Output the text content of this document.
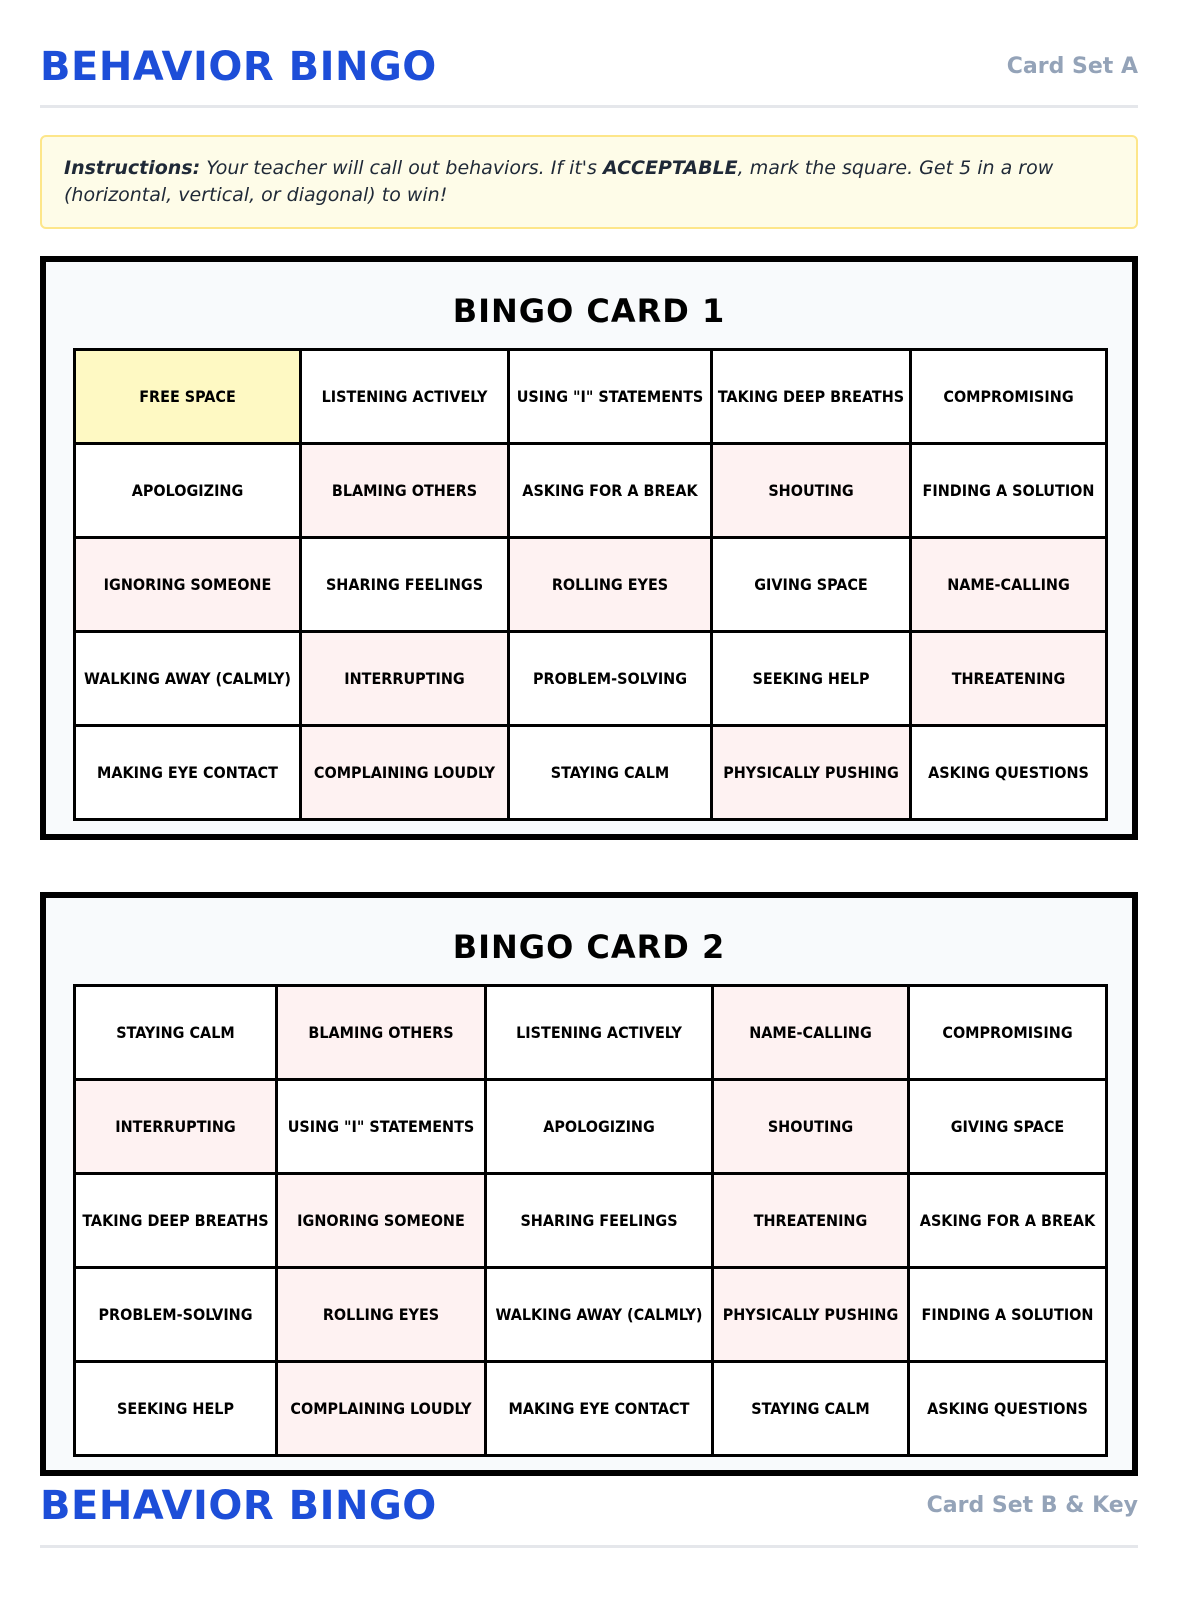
BEHAVIOR BINGO	Card Set A
Instructions: Your teacher will call out behaviors. If it's ACCEPTABLE, mark the square. Get 5 in a row (horizontal, vertical, or diagonal) to win!
BINGO CARD 1
FREE SPACE	LISTENING ACTIVELY	USING "I" STATEMENTS	TAKING DEEP BREATHS	COMPROMISING
APOLOGIZING	BLAMING OTHERS	ASKING FOR A BREAK	SHOUTING	FINDING A SOLUTION
IGNORING SOMEONE	SHARING FEELINGS	ROLLING EYES	GIVING SPACE	NAME-CALLING
WALKING AWAY (CALMLY)	INTERRUPTING	PROBLEM-SOLVING	SEEKING HELP	THREATENING
MAKING EYE CONTACT	COMPLAINING LOUDLY	STAYING CALM	PHYSICALLY PUSHING	ASKING QUESTIONS
BINGO CARD 2
STAYING CALM	BLAMING OTHERS	LISTENING ACTIVELY	NAME-CALLING	COMPROMISING
INTERRUPTING	USING "I" STATEMENTS	APOLOGIZING	SHOUTING	GIVING SPACE
TAKING DEEP BREATHS	IGNORING SOMEONE	SHARING FEELINGS	THREATENING	ASKING FOR A BREAK
PROBLEM-SOLVING	ROLLING EYES	WALKING AWAY (CALMLY)	PHYSICALLY PUSHING	FINDING A SOLUTION
SEEKING HELP	COMPLAINING LOUDLY	MAKING EYE CONTACT	STAYING CALM	ASKING QUESTIONS
BEHAVIOR BINGO	Card Set B & Key
